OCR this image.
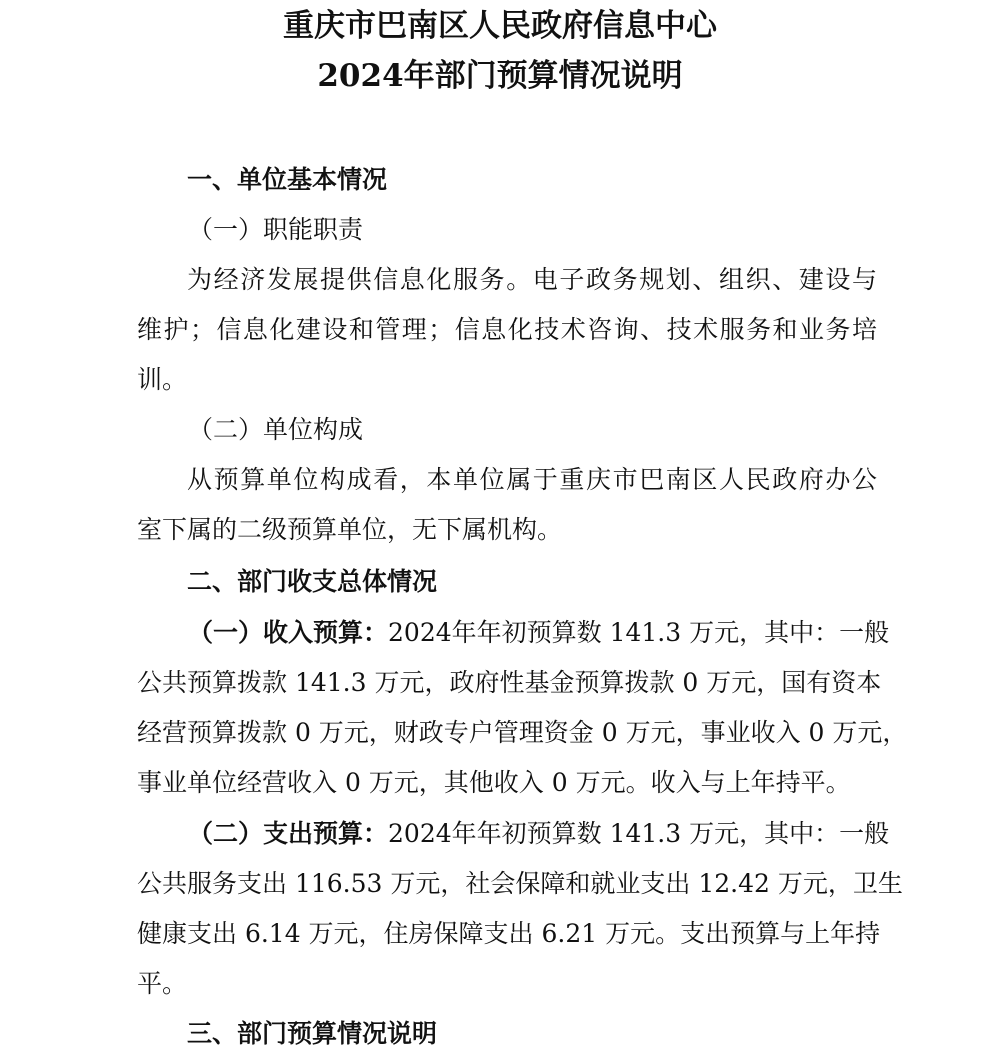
重庆市巴南区人民政府信息中心
2024年部门预算情况说明

一、单位基本情况

（一）职能职责

为经济发展提供信息化服务。电子政务规划、组织、建设与

维护；信息化建设和管理；信息化技术咨询、技术服务和业务培

训。

（二）单位构成

从预算单位构成看，本单位属于重庆市巴南区人民政府办公

室下属的二级预算单位，无下属机构。

二、部门收支总体情况

（一）收入预算：2024年年初预算数 141.3 万元，其中：一般

公共预算拨款 141.3 万元，政府性基金预算拨款 0 万元，国有资本

经营预算拨款 0 万元，财政专户管理资金 0 万元，事业收入 0 万元，

事业单位经营收入 0 万元，其他收入 0 万元。收入与上年持平。

（二）支出预算：2024年年初预算数 141.3 万元，其中：一般

公共服务支出 116.53 万元，社会保障和就业支出 12.42 万元，卫生

健康支出 6.14 万元，住房保障支出 6.21 万元。支出预算与上年持

平。

三、部门预算情况说明
